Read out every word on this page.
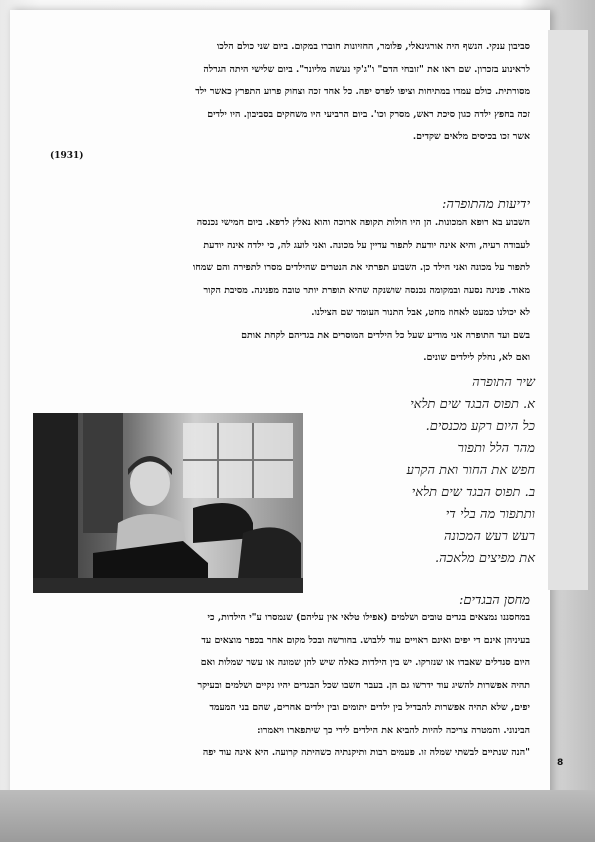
סביבון ענקי. הנשף היה אורגינאלי, פלומר, החזיונות חוברו במקום. ביום שני כולם הלכו
לראינוע בזכרון. שם ראו את "זובחי הדם" ו"ג'קי נעשה מליונר". ביום שלישי היתה הגרלה
מסורתית. כולם עמדו במתיחות וציפו לפרס יפה. כל אחד זכה וצחוק פרוע התפרץ כאשר ילד
זכה בחפץ ילדה כגון סיכת ראש, מסרק וכו'. ביום הרביעי היו משחקים בסביבון. היו ילדים
אשר זכו בכיסים מלאים שקדים.
(1931)
ידיעות מהתופרה:
השבוע בא רופא המכונות. הן היו חולות תקופה ארוכה והוא נאלץ לרפא. ביום חמישי נכנסה
לעבודה רעיה, והיא אינה יודעת לתפור עדיין על מכונה. ואני לועג לה, כי ילדה אינה יודעת
לתפור על מכונה ואני הילד כן. השבוע תפרתי את הנטרים שהילדים מסרו לתפירה והם שמחו
מאוד. פנינה נסעה ובמקומה נכנסה שושנקה שהיא תופרת יותר טובה מפנינה. מסיבת הקור
לא יכולנו כמעט לאחוז מחט, אבל התנור העומד שם הצילנו.
בשם ועד התופרה אני מודיע שעל כל הילדים המוסרים את בגדיהם לקחת אותם
ואם לא, נחלק לילדים שונים.
שיר התופרה
א. תפוס הבגד שים תלאי
כל היום רקע מכנסים.
מהר הלל ותפור
חפש את החור ואת הקרע
ב. תפוס הבגד שים תלאי
ותתפור מה בלי די
רעש רעש המכונה
את מפיצים מלאכה.
מחסן הבגדים:
במחסננו נמצאים בגדים טובים ושלמים (אפילו טלאי אין עליהם) שנמסרו ע"י הילדות, כי
בעיניהן אינם די יפים ואינם ראויים עוד ללבוש. בחורשה ובכל מקום אחר בכפר מוצאים עד
היום סנדלים שאבדו או שנזרקו. יש בין הילדות כאלה שיש להן שמונה או עשר שמלות ואם
תהיה אפשרות להשיג עוד ידרשו גם הן. בעבר חשבו שכל הבגדים יהיו נקיים ושלמים ובעיקר
יפים, שלא תהיה אפשרות להבדיל בין ילדים יתומים ובין ילדים אחרים, שהם בני המעמד
הבינוני. והמטרה צריכה להיות להביא את הילדים לידי כך שיתפארו ויאמרו:
"הנה שנתיים לבשתי שמלה זו. פעמים רבות ותיקנתיה כשהיתה קרועה. היא אינה עוד יפה
8
